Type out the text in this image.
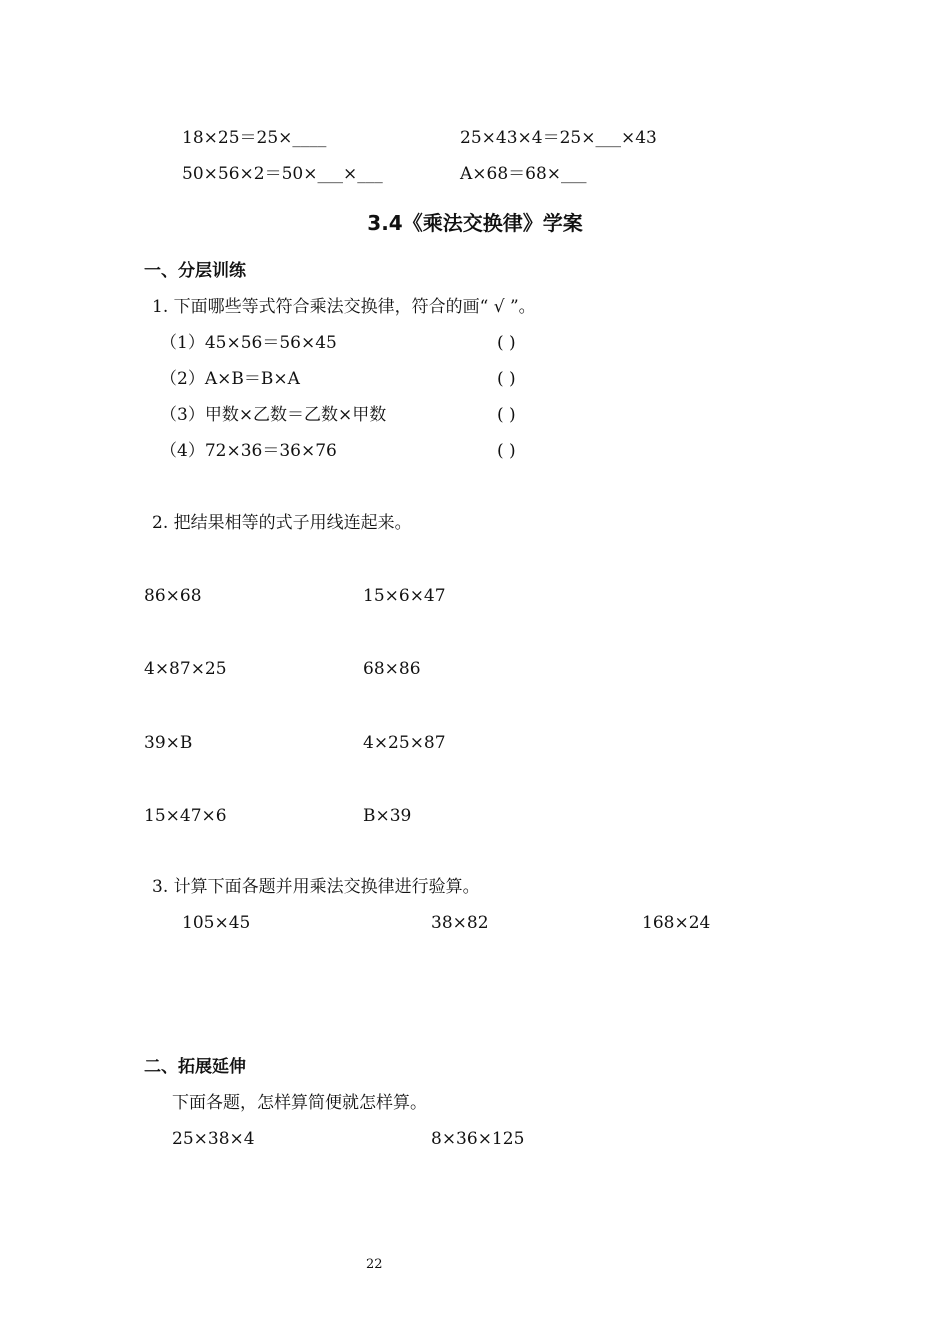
18×25＝25×____	25×43×4＝25×___×43
50×56×2＝50×___×___	A×68＝68×___
3.4《乘法交换律》学案
一、分层训练
1. 下面哪些等式符合乘法交换律，符合的画“ √ ”。
（1）45×56＝56×45	( )
（2）A×B＝B×A	( )
（3）甲数×乙数＝乙数×甲数	( )
（4）72×36＝36×76	( )
2. 把结果相等的式子用线连起来。
86×68	15×6×47
4×87×25	68×86
39×B	4×25×87
15×47×6	B×39
3. 计算下面各题并用乘法交换律进行验算。
105×45	38×82	168×24
二、拓展延伸
下面各题，怎样算简便就怎样算。
25×38×4	8×36×125
22
